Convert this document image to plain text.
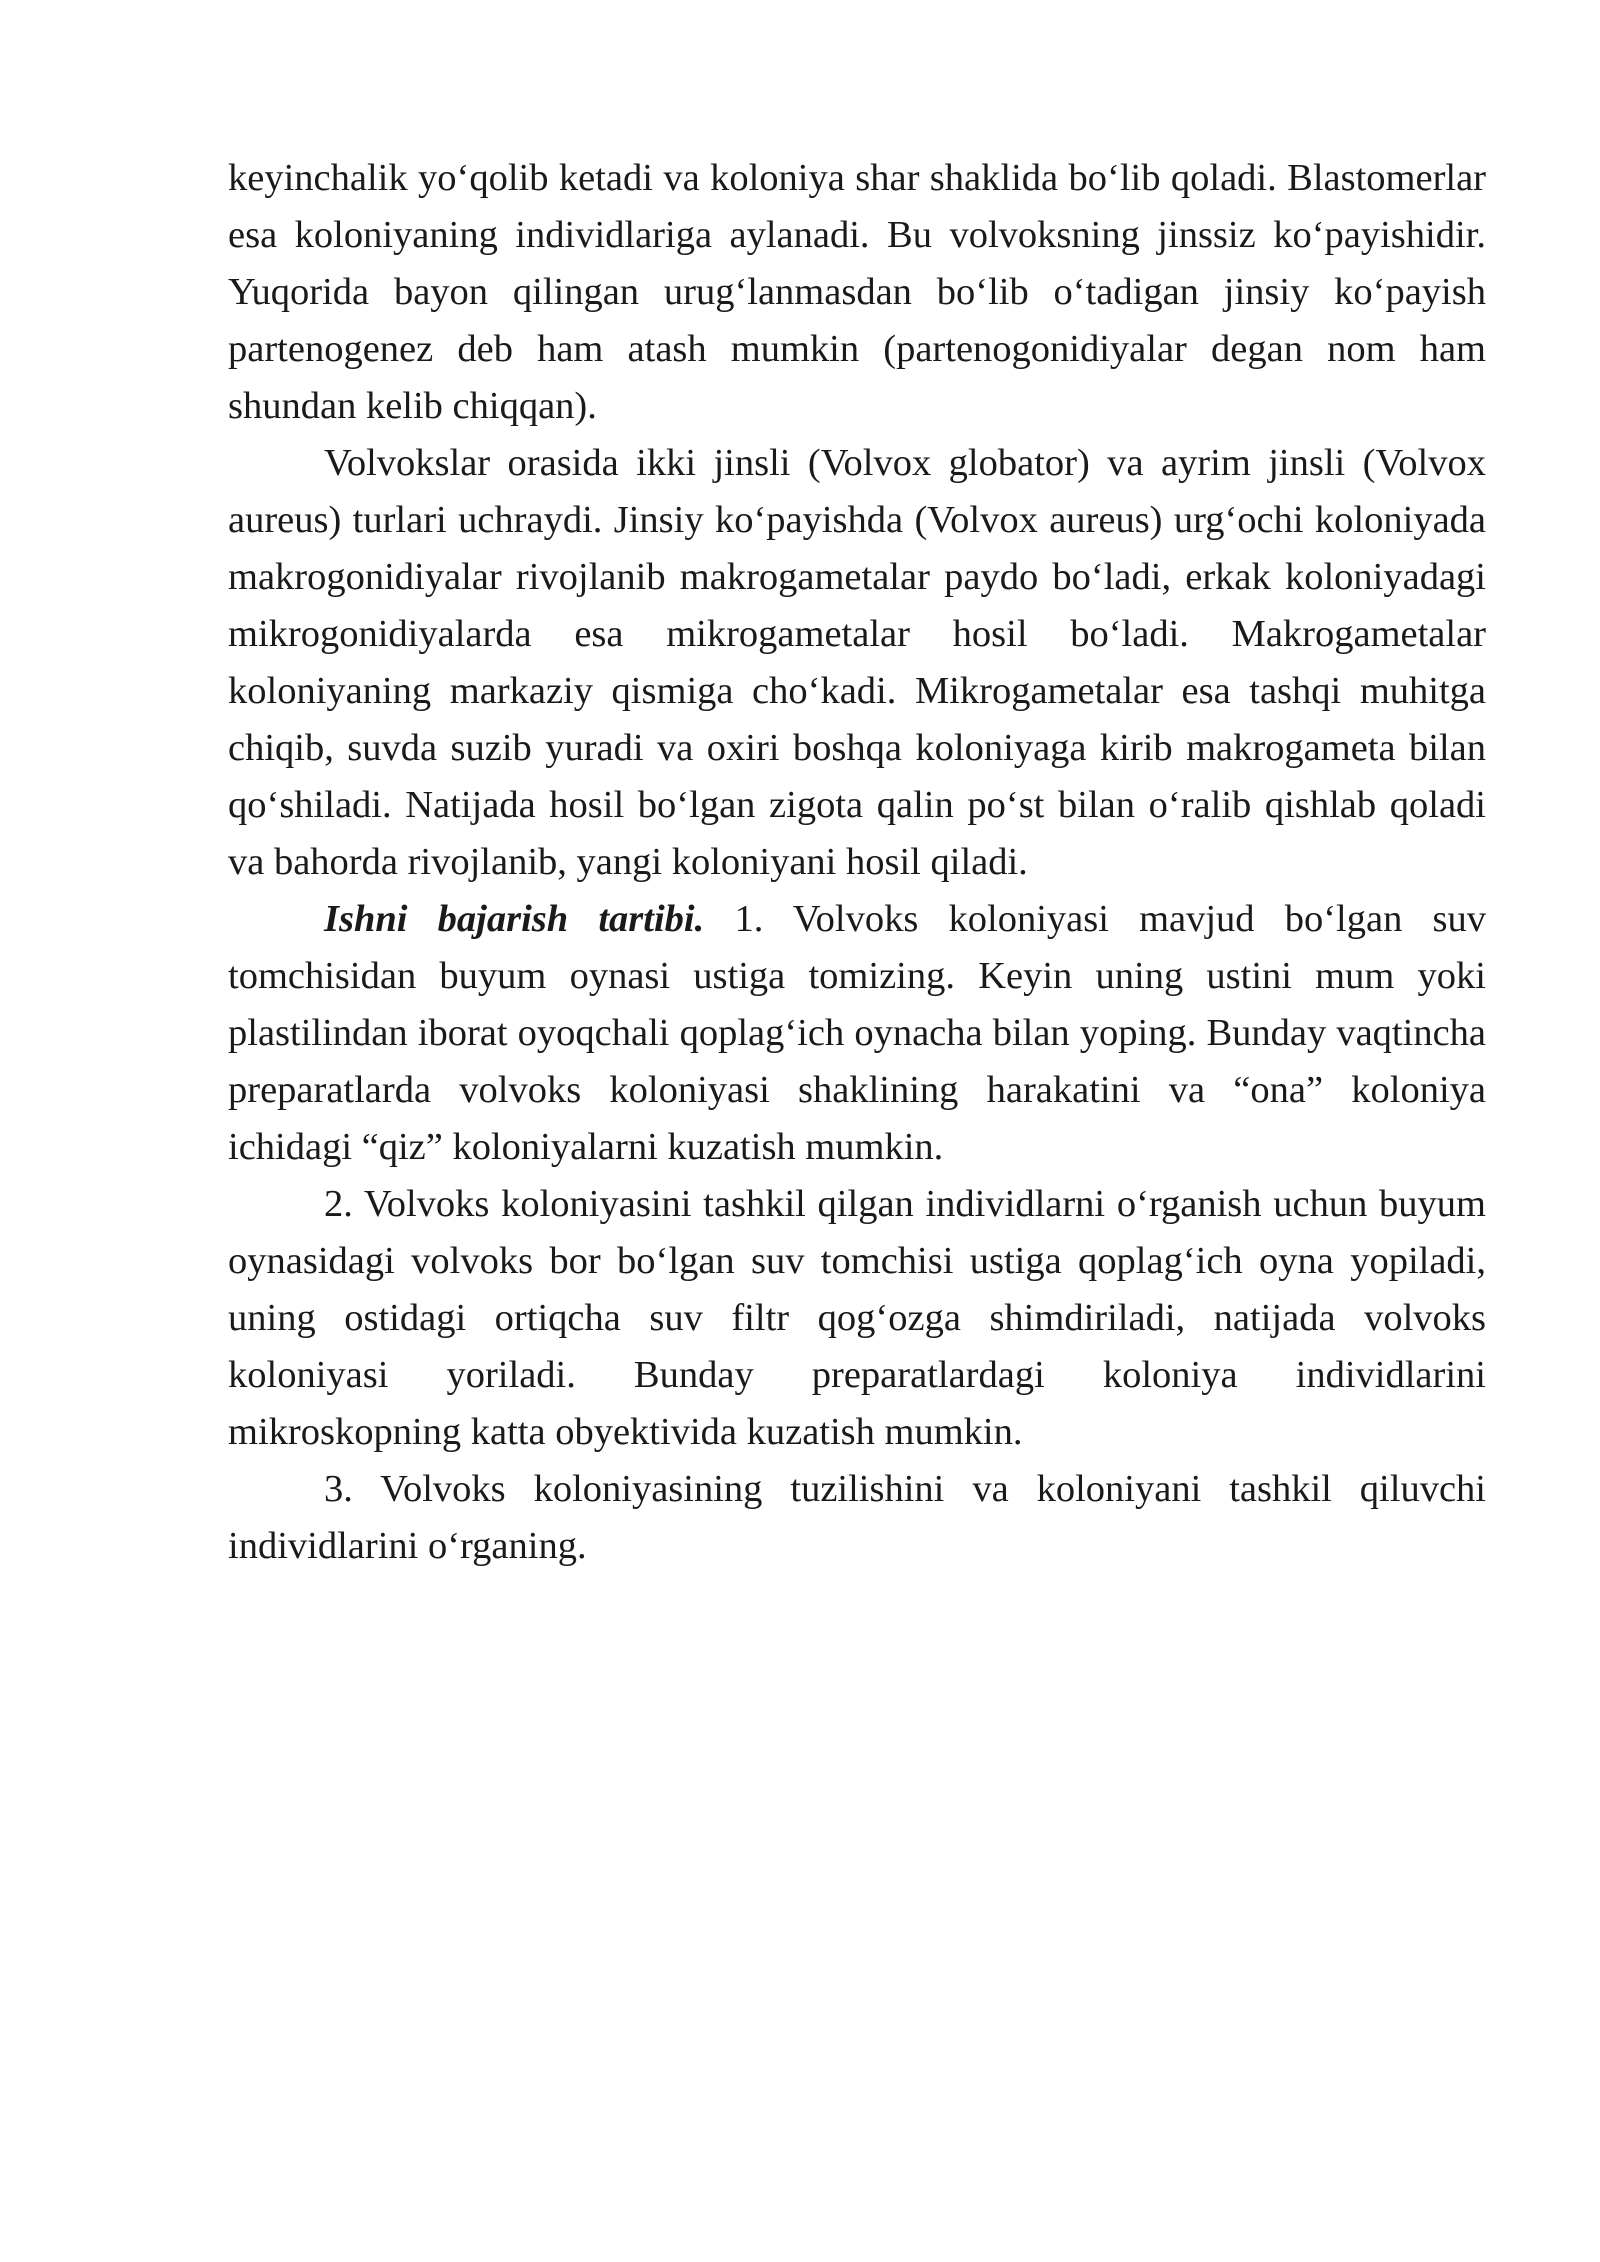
keyinchalik yo‘qolib ketadi va koloniya shar shaklida bo‘lib qoladi. Blastomerlar esa koloniyaning individlariga aylanadi. Bu volvoksning jinssiz ko‘payishidir. Yuqorida bayon qilingan urug‘lanmasdan bo‘lib o‘tadigan jinsiy ko‘payish partenogenez deb ham atash mumkin (partenogonidiyalar degan nom ham shundan kelib chiqqan).

Volvokslar orasida ikki jinsli (Volvox globator) va ayrim jinsli (Volvox aureus) turlari uchraydi. Jinsiy ko‘payishda (Volvox aureus) urg‘ochi koloniyada makrogonidiyalar rivojlanib makrogametalar paydo bo‘ladi, erkak koloniyadagi mikrogonidiyalarda esa mikrogametalar hosil bo‘ladi. Makrogametalar koloniyaning markaziy qismiga cho‘kadi. Mikrogametalar esa tashqi muhitga chiqib, suvda suzib yuradi va oxiri boshqa koloniyaga kirib makrogameta bilan qo‘shiladi. Natijada hosil bo‘lgan zigota qalin po‘st bilan o‘ralib qishlab qoladi va bahorda rivojlanib, yangi koloniyani hosil qiladi.

Ishni bajarish tartibi. 1. Volvoks koloniyasi mavjud bo‘lgan suv tomchisidan buyum oynasi ustiga tomizing. Keyin uning ustini mum yoki plastilindan iborat oyoqchali qoplag‘ich oynacha bilan yoping. Bunday vaqtincha preparatlarda volvoks koloniyasi shaklining harakatini va “ona” koloniya ichidagi “qiz” koloniyalarni kuzatish mumkin.

2. Volvoks koloniyasini tashkil qilgan individlarni o‘rganish uchun buyum oynasidagi volvoks bor bo‘lgan suv tomchisi ustiga qoplag‘ich oyna yopiladi, uning ostidagi ortiqcha suv filtr qog‘ozga shimdiriladi, natijada volvoks koloniyasi yoriladi. Bunday preparatlardagi koloniya individlarini mikroskopning katta obyektivida kuzatish mumkin.

3. Volvoks koloniyasining tuzilishini va koloniyani tashkil qiluvchi individlarini o‘rganing.
